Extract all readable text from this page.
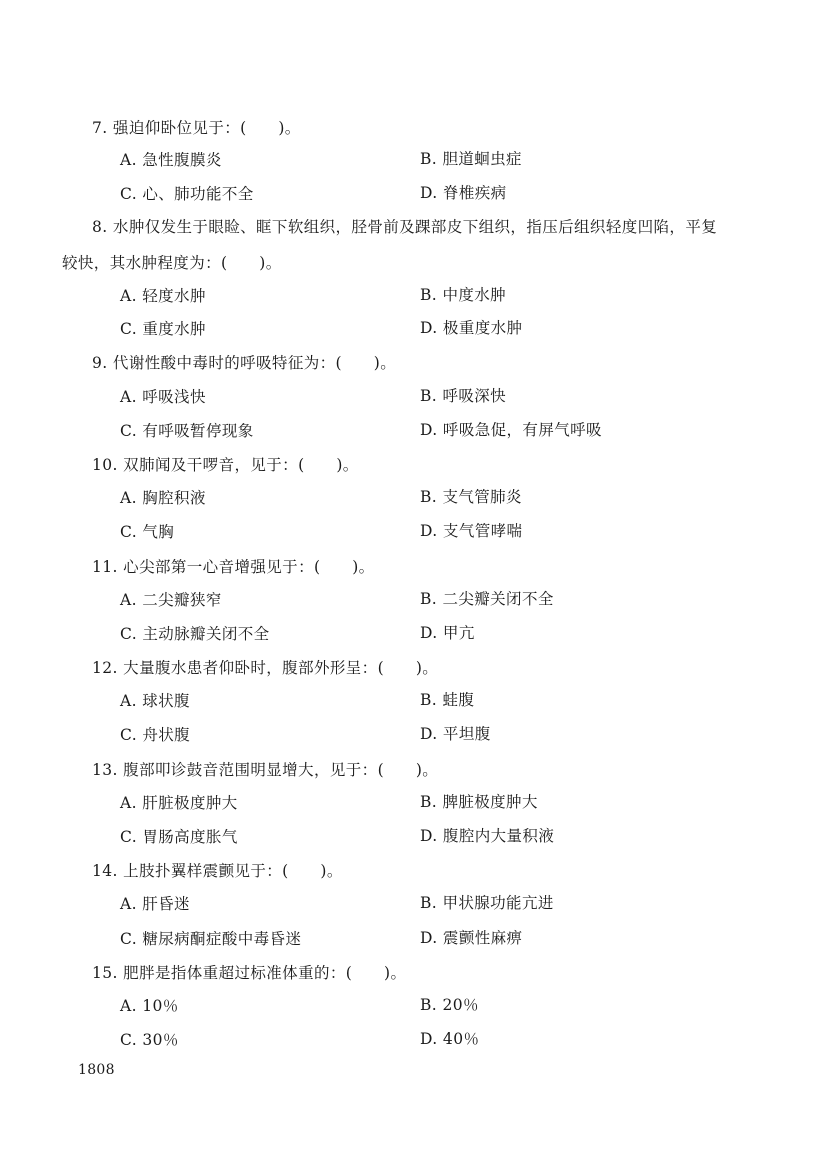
7. 强迫仰卧位见于：(　　)。
A. 急性腹膜炎	B. 胆道蛔虫症
C. 心、肺功能不全	D. 脊椎疾病
8. 水肿仅发生于眼睑、眶下软组织，胫骨前及踝部皮下组织，指压后组织轻度凹陷，平复
较快，其水肿程度为：(　　)。
A. 轻度水肿	B. 中度水肿
C. 重度水肿	D. 极重度水肿
9. 代谢性酸中毒时的呼吸特征为：(　　)。
A. 呼吸浅快	B. 呼吸深快
C. 有呼吸暂停现象	D. 呼吸急促，有屏气呼吸
10. 双肺闻及干啰音，见于：(　　)。
A. 胸腔积液	B. 支气管肺炎
C. 气胸	D. 支气管哮喘
11. 心尖部第一心音增强见于：(　　)。
A. 二尖瓣狭窄	B. 二尖瓣关闭不全
C. 主动脉瓣关闭不全	D. 甲亢
12. 大量腹水患者仰卧时，腹部外形呈：(　　)。
A. 球状腹	B. 蛙腹
C. 舟状腹	D. 平坦腹
13. 腹部叩诊鼓音范围明显增大，见于：(　　)。
A. 肝脏极度肿大	B. 脾脏极度肿大
C. 胃肠高度胀气	D. 腹腔内大量积液
14. 上肢扑翼样震颤见于：(　　)。
A. 肝昏迷	B. 甲状腺功能亢进
C. 糖尿病酮症酸中毒昏迷	D. 震颤性麻痹
15. 肥胖是指体重超过标准体重的：(　　)。
A. 10％	B. 20％
C. 30％	D. 40％
1808
